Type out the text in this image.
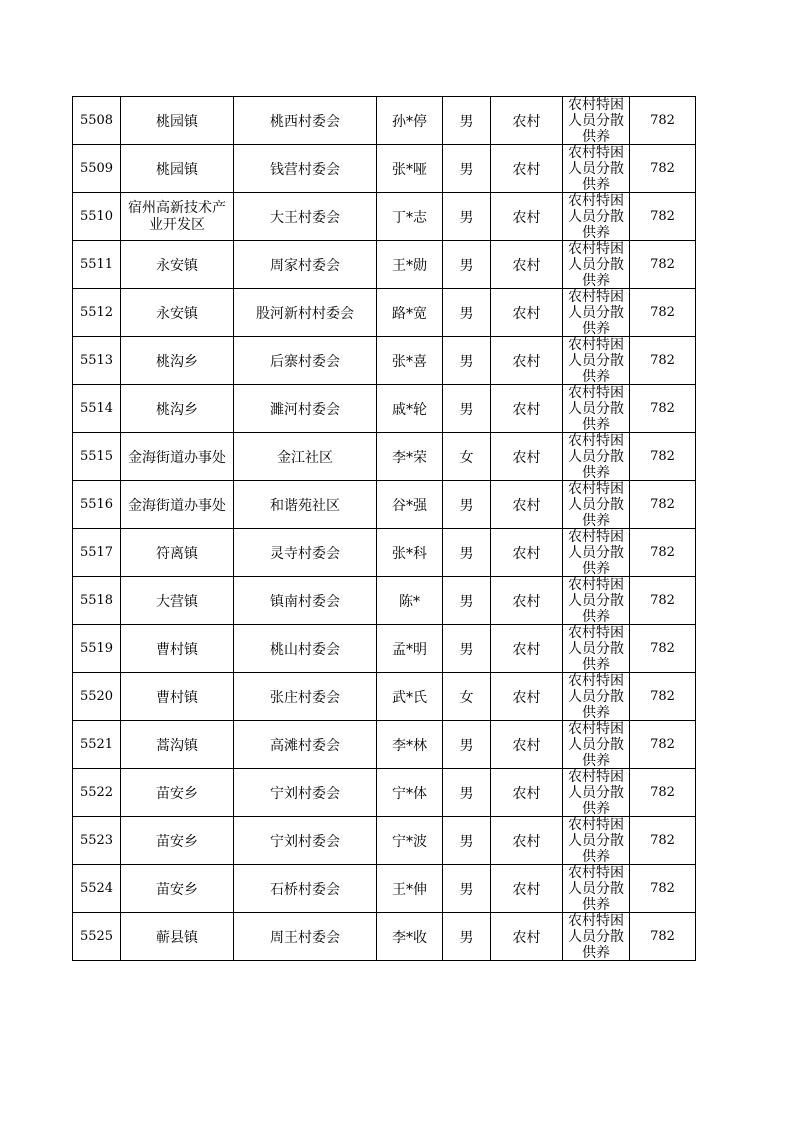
5508	桃园镇	桃西村委会	孙*停	男	农村	农村特困人员分散供养	782
5509	桃园镇	钱营村委会	张*哑	男	农村	农村特困人员分散供养	782
5510	宿州高新技术产业开发区	大王村委会	丁*志	男	农村	农村特困人员分散供养	782
5511	永安镇	周家村委会	王*勋	男	农村	农村特困人员分散供养	782
5512	永安镇	股河新村村委会	路*宽	男	农村	农村特困人员分散供养	782
5513	桃沟乡	后寨村委会	张*喜	男	农村	农村特困人员分散供养	782
5514	桃沟乡	濉河村委会	戚*轮	男	农村	农村特困人员分散供养	782
5515	金海街道办事处	金江社区	李*荣	女	农村	农村特困人员分散供养	782
5516	金海街道办事处	和谐苑社区	谷*强	男	农村	农村特困人员分散供养	782
5517	符离镇	灵寺村委会	张*科	男	农村	农村特困人员分散供养	782
5518	大营镇	镇南村委会	陈*	男	农村	农村特困人员分散供养	782
5519	曹村镇	桃山村委会	孟*明	男	农村	农村特困人员分散供养	782
5520	曹村镇	张庄村委会	武*氏	女	农村	农村特困人员分散供养	782
5521	蒿沟镇	高滩村委会	李*林	男	农村	农村特困人员分散供养	782
5522	苗安乡	宁刘村委会	宁*体	男	农村	农村特困人员分散供养	782
5523	苗安乡	宁刘村委会	宁*波	男	农村	农村特困人员分散供养	782
5524	苗安乡	石桥村委会	王*伸	男	农村	农村特困人员分散供养	782
5525	蕲县镇	周王村委会	李*收	男	农村	农村特困人员分散供养	782
